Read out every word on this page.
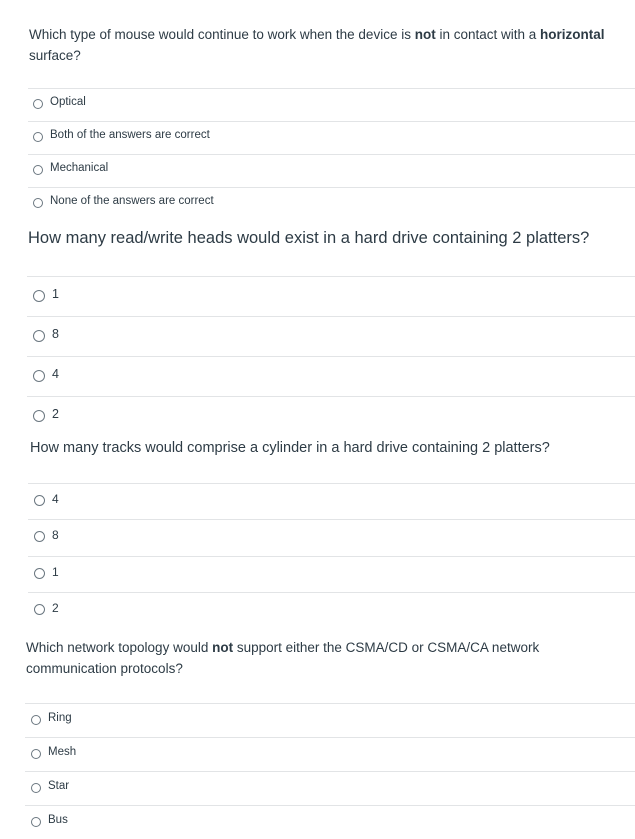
Which type of mouse would continue to work when the device is not in contact with a horizontal surface?
Optical
Both of the answers are correct
Mechanical
None of the answers are correct
How many read/write heads would exist in a hard drive containing 2 platters?
1
8
4
2
How many tracks would comprise a cylinder in a hard drive containing 2 platters?
4
8
1
2
Which network topology would not support either the CSMA/CD or CSMA/CA network communication protocols?
Ring
Mesh
Star
Bus
